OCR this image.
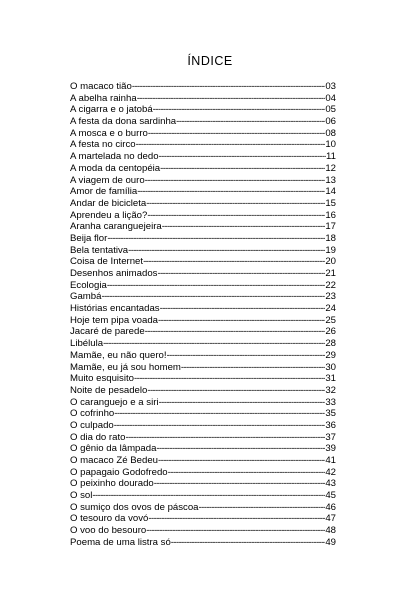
ÍNDICE
O macaco tião -----	03
A abelha rainha -----	04
A cigarra e o jatobá -----	05
A festa da dona sardinha -----	06
A mosca e o burro -----	08
A festa no circo -----	10
A martelada no dedo -----	11
A moda da centopéia -----	12
A viagem de ouro -----	13
Amor de família -----	14
Andar de bicicleta -----	15
Aprendeu a lição? -----	16
Aranha caranguejeira -----	17
Beija flor -----	18
Bela tentativa -----	19
Coisa de Internet -----	20
Desenhos animados -----	21
Ecologia -----	22
Gambá -----	23
Histórias encantadas -----	24
Hoje tem pipa voada -----	25
Jacaré de parede -----	26
Libélula -----	28
Mamãe, eu não quero! -----	29
Mamãe, eu já sou homem -----	30
Muito esquisito -----	31
Noite de pesadelo -----	32
O caranguejo e a siri -----	33
O cofrinho -----	35
O culpado -----	36
O dia do rato -----	37
O gênio da lâmpada -----	39
O macaco Zé Bedeu -----	41
O papagaio Godofredo -----	42
O peixinho dourado -----	43
O sol -----	45
O sumiço dos ovos de páscoa -----	46
O tesouro da vovó -----	47
O voo do besouro -----	48
Poema de uma listra só -----	49
